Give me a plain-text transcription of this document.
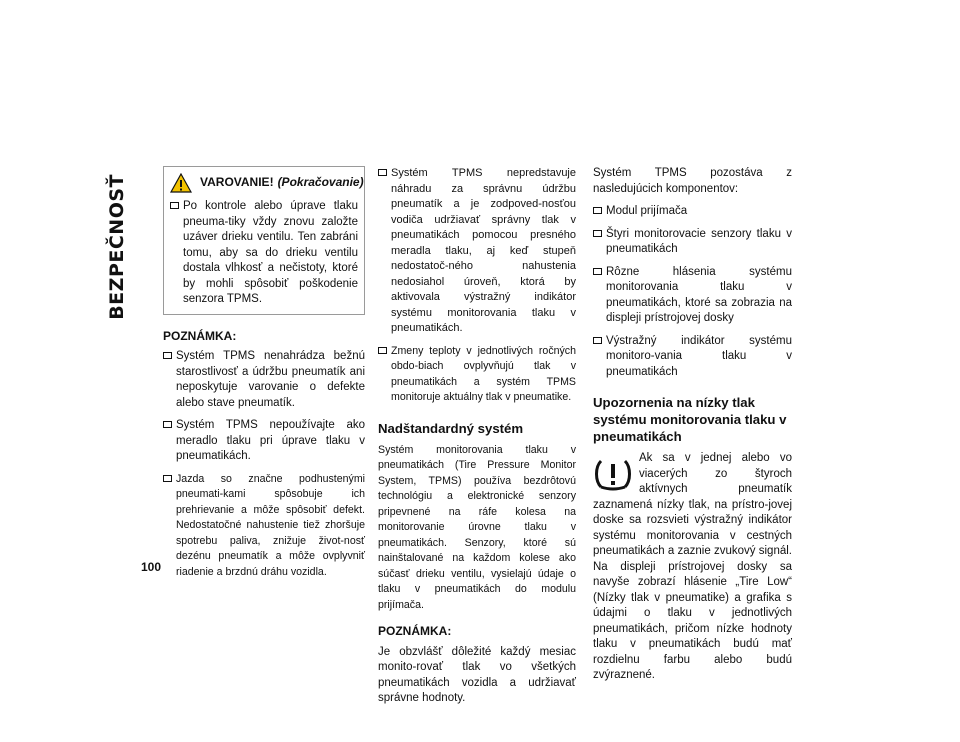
BEZPEČNOSŤ
100
VAROVANIE! (Pokračovanie)
Po kontrole alebo úprave tlaku pneuma-tiky vždy znovu založte uzáver drieku ventilu. Ten zabráni tomu, aby sa do drieku ventilu dostala vlhkosť a nečistoty, ktoré by mohli spôsobiť poškodenie senzora TPMS.
POZNÁMKA:
Systém TPMS nenahrádza bežnú starostlivosť a údržbu pneumatík ani neposkytuje varovanie o defekte alebo stave pneumatík.
Systém TPMS nepoužívajte ako meradlo tlaku pri úprave tlaku v pneumatikách.
Jazda so značne podhustenými pneumati-kami spôsobuje ich prehrievanie a môže spôsobiť defekt. Nedostatočné nahustenie tiež zhoršuje spotrebu paliva, znižuje život-nosť dezénu pneumatík a môže ovplyvniť riadenie a brzdnú dráhu vozidla.
Systém TPMS nepredstavuje náhradu za správnu údržbu pneumatík a je zodpoved-nosťou vodiča udržiavať správny tlak v pneumatikách pomocou presného meradla tlaku, aj keď stupeň nedostatoč-ného nahustenia nedosiahol úroveň, ktorá by aktivovala výstražný indikátor systému monitorovania tlaku v pneumatikách.
Zmeny teploty v jednotlivých ročných obdo-biach ovplyvňujú tlak v pneumatikách a systém TPMS monitoruje aktuálny tlak v pneumatike.
Nadštandardný systém
Systém monitorovania tlaku v pneumatikách (Tire Pressure Monitor System, TPMS) používa bezdrôtovú technológiu a elektronické senzory pripevnené na ráfe kolesa na monitorovanie úrovne tlaku v pneumatikách. Senzory, ktoré sú nainštalované na každom kolese ako súčasť drieku ventilu, vysielajú údaje o tlaku v pneumatikách do modulu prijímača.
POZNÁMKA:
Je obzvlášť dôležité každý mesiac monito-rovať tlak vo všetkých pneumatikách vozidla a udržiavať správne hodnoty.
Systém TPMS pozostáva z nasledujúcich komponentov:
Modul prijímača
Štyri monitorovacie senzory tlaku v pneumatikách
Rôzne hlásenia systému monitorovania tlaku v pneumatikách, ktoré sa zobrazia na displeji prístrojovej dosky
Výstražný indikátor systému monitoro-vania tlaku v pneumatikách
Upozornenia na nízky tlak systému monitorovania tlaku v pneumatikách
Ak sa v jednej alebo vo viacerých zo štyroch aktívnych pneumatík zaznamená nízky tlak, na prístro-jovej doske sa rozsvieti výstražný indikátor systému monitorovania v cestných pneumatikách a zaznie zvukový signál. Na displeji prístrojovej dosky sa navyše zobrazí hlásenie „Tire Low“ (Nízky tlak v pneumatike) a grafika s údajmi o tlaku v jednotlivých pneumatikách, pričom nízke hodnoty tlaku v pneumatikách budú mať rozdielnu farbu alebo budú zvýraznené.
